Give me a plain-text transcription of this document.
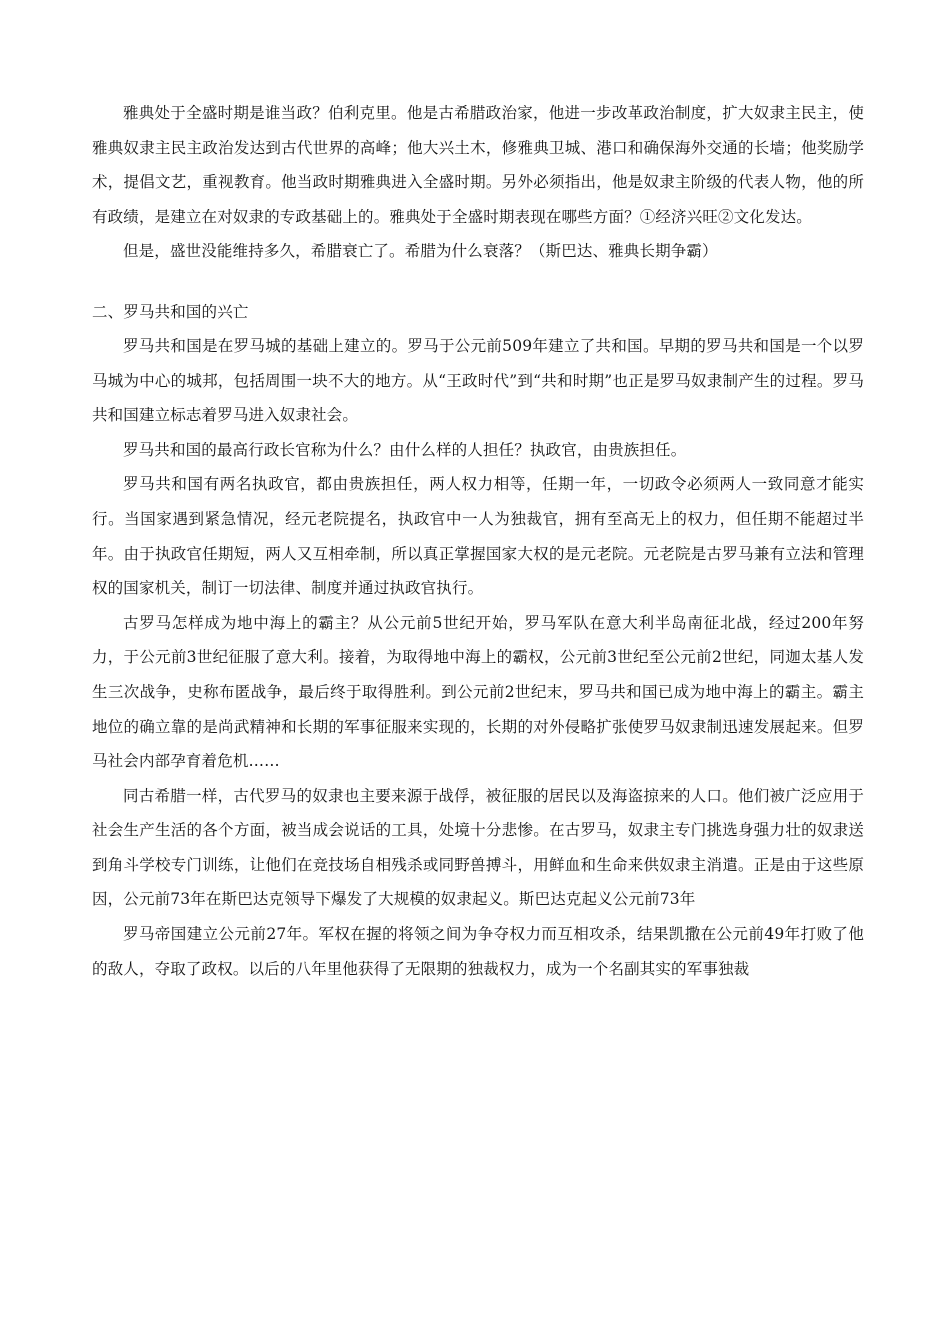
雅典处于全盛时期是谁当政？伯利克里。他是古希腊政治家，他进一步改革政治制度，扩大奴隶主民主，使雅典奴隶主民主政治发达到古代世界的高峰；他大兴土木，修雅典卫城、港口和确保海外交通的长墙；他奖励学术，提倡文艺，重视教育。他当政时期雅典进入全盛时期。另外必须指出，他是奴隶主阶级的代表人物，他的所有政绩，是建立在对奴隶的专政基础上的。雅典处于全盛时期表现在哪些方面？①经济兴旺②文化发达。

但是，盛世没能维持多久，希腊衰亡了。希腊为什么衰落？（斯巴达、雅典长期争霸）

二、罗马共和国的兴亡

罗马共和国是在罗马城的基础上建立的。罗马于公元前509年建立了共和国。早期的罗马共和国是一个以罗马城为中心的城邦，包括周围一块不大的地方。从“王政时代”到“共和时期”也正是罗马奴隶制产生的过程。罗马共和国建立标志着罗马进入奴隶社会。

罗马共和国的最高行政长官称为什么？由什么样的人担任？执政官，由贵族担任。

罗马共和国有两名执政官，都由贵族担任，两人权力相等，任期一年，一切政令必须两人一致同意才能实行。当国家遇到紧急情况，经元老院提名，执政官中一人为独裁官，拥有至高无上的权力，但任期不能超过半年。由于执政官任期短，两人又互相牵制，所以真正掌握国家大权的是元老院。元老院是古罗马兼有立法和管理权的国家机关，制订一切法律、制度并通过执政官执行。

古罗马怎样成为地中海上的霸主？从公元前5世纪开始，罗马军队在意大利半岛南征北战，经过200年努力，于公元前3世纪征服了意大利。接着，为取得地中海上的霸权，公元前3世纪至公元前2世纪，同迦太基人发生三次战争，史称布匿战争，最后终于取得胜利。到公元前2世纪末，罗马共和国已成为地中海上的霸主。霸主地位的确立靠的是尚武精神和长期的军事征服来实现的，长期的对外侵略扩张使罗马奴隶制迅速发展起来。但罗马社会内部孕育着危机……

同古希腊一样，古代罗马的奴隶也主要来源于战俘，被征服的居民以及海盗掠来的人口。他们被广泛应用于社会生产生活的各个方面，被当成会说话的工具，处境十分悲惨。在古罗马，奴隶主专门挑选身强力壮的奴隶送到角斗学校专门训练，让他们在竞技场自相残杀或同野兽搏斗，用鲜血和生命来供奴隶主消遣。正是由于这些原因，公元前73年在斯巴达克领导下爆发了大规模的奴隶起义。斯巴达克起义公元前73年

罗马帝国建立公元前27年。军权在握的将领之间为争夺权力而互相攻杀，结果凯撒在公元前49年打败了他的敌人，夺取了政权。以后的八年里他获得了无限期的独裁权力，成为一个名副其实的军事独裁
